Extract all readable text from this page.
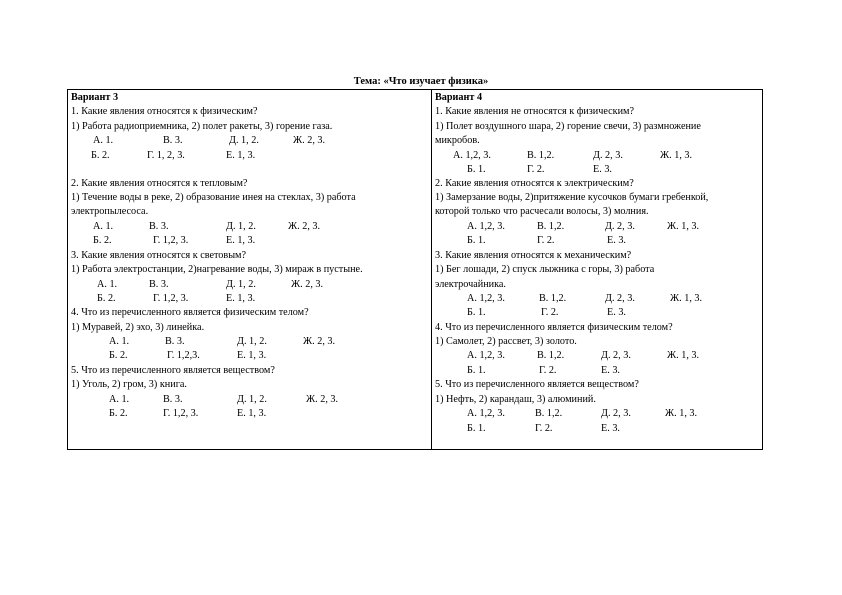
Тема: «Что изучает физика»
Вариант 3
1. Какие явления относятся к физическим?
1) Работа радиоприемника, 2) полет ракеты, 3) горение газа.
А. 1.	В. 3.	Д. 1, 2.	Ж. 2, 3.
Б. 2.	Г. 1, 2, 3.	Е. 1, 3.
2. Какие явления относятся к тепловым?
1) Течение воды в реке, 2) образование инея на стеклах, 3) работа
электропылесоса.
А. 1.	В. 3.	Д. 1, 2.	Ж. 2, 3.
Б. 2.	Г. 1,2, 3.	Е. 1, 3.
3. Какие явления относятся к световым?
1) Работа электростанции, 2)нагревание воды, 3) мираж в пустыне.
А. 1.	В. 3.	Д. 1, 2.	Ж. 2, 3.
Б. 2.	Г. 1,2, 3.	Е. 1, 3.
4. Что из перечисленного является физическим телом?
1) Муравей, 2) эхо, 3) линейка.
А. 1.	В. 3.	Д. 1, 2.	Ж. 2, 3.
Б. 2.	Г. 1,2,3.	Е. 1, 3.
5. Что из перечисленного является веществом?
1) Уголь, 2) гром, 3) книга.
А. 1.	В. 3.	Д. 1, 2.	Ж. 2, 3.
Б. 2.	Г. 1,2, 3.	Е. 1, 3.
Вариант 4
1. Какие явления не относятся к физическим?
1) Полет воздушного шара, 2) горение свечи, 3) размножение
микробов.
А. 1,2, 3.	В. 1,2.	Д. 2, 3.	Ж. 1, 3.
Б. 1.	Г. 2.	Е. 3.
2. Какие явления относятся к электрическим?
1) Замерзание воды, 2)притяжение кусочков бумаги гребенкой,
которой только что расчесали волосы, 3) молния.
А. 1,2, 3.	В. 1,2.	Д. 2, 3.	Ж. 1, 3.
Б. 1.	Г. 2.	Е. 3.
3. Какие явления относятся к механическим?
1) Бег лошади, 2) спуск лыжника с горы, 3) работа
электрочайника.
А. 1,2, 3.	В. 1,2.	Д. 2, 3.	Ж. 1, 3.
Б. 1.	Г. 2.	Е. 3.
4. Что из перечисленного является физическим телом?
1) Самолет, 2) рассвет, 3) золото.
А. 1,2, 3.	В. 1,2.	Д. 2, 3.	Ж. 1, 3.
Б. 1.	Г. 2.	Е. 3.
5. Что из перечисленного является веществом?
1) Нефть, 2) карандаш, 3) алюминий.
А. 1,2, 3.	В. 1,2.	Д. 2, 3.	Ж. 1, 3.
Б. 1.	Г. 2.	Е. 3.
